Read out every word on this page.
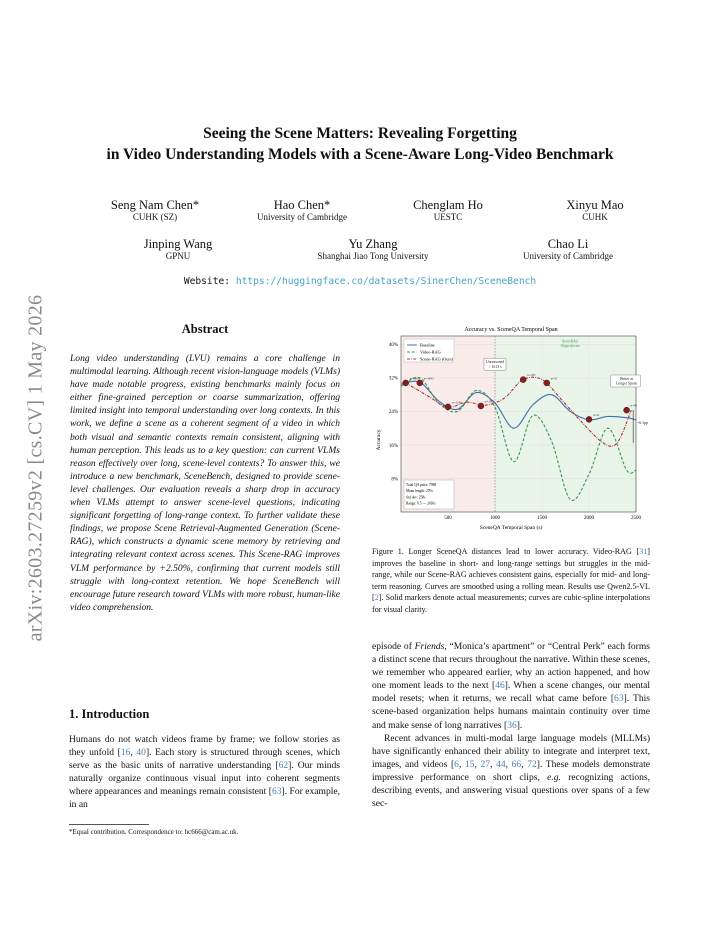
arXiv:2603.27259v2 [cs.CV] 1 May 2026
Seeing the Scene Matters: Revealing Forgetting
in Video Understanding Models with a Scene-Aware Long-Video Benchmark
Seng Nam Chen*
CUHK (SZ)
Hao Chen*
University of Cambridge
Chenglam Ho
UESTC
Xinyu Mao
CUHK
Jinping Wang
GPNU
Yu Zhang
Shanghai Jiao Tong University
Chao Li
University of Cambridge
Website: https://huggingface.co/datasets/SinerChen/SceneBench
Abstract
Long video understanding (LVU) remains a core challenge in multimodal learning. Although recent vision-language models (VLMs) have made notable progress, existing benchmarks mainly focus on either fine-grained perception or coarse summarization, offering limited insight into temporal understanding over long contexts. In this work, we define a scene as a coherent segment of a video in which both visual and semantic contexts remain consistent, aligning with human perception. This leads us to a key question: can current VLMs reason effectively over long, scene-level contexts? To answer this, we introduce a new benchmark, SceneBench, designed to provide scene-level challenges. Our evaluation reveals a sharp drop in accuracy when VLMs attempt to answer scene-level questions, indicating significant forgetting of long-range context. To further validate these findings, we propose Scene Retrieval-Augmented Generation (Scene-RAG), which constructs a dynamic scene memory by retrieving and integrating relevant context across scenes. This Scene-RAG improves VLM performance by +2.50%, confirming that current models still struggle with long-context retention. We hope SceneBench will encourage future research toward VLMs with more robust, human-like video comprehension.
1. Introduction
Humans do not watch videos frame by frame; we follow stories as they unfold [16, 40]. Each story is structured through scenes, which serve as the basic units of narrative understanding [62]. Our minds naturally organize continuous visual input into coherent segments where appearances and meanings remain consistent [63]. For example, in an
*Equal contribution. Correspondence to: hc666@cam.ac.uk.
Accuracy vs. SceneQA Temporal Span
8%
16%
24%
32%
40%
500	1000	1500	2000	2500
n=9969 n=3493
n=1149	n=1185
n=183
n=52
n=31
n=95
Baseline
Video-RAG
Scene-RAG (Ours)
Unreasoned
> 1613 s
SceneRAG
Outperforms
Better at
Longer Spans
+6.1pp
Total QA pairs: 7988
Mean length: 270s
Std dev: 258s
Range: 0.5 — 2430s
SceneQA Temporal Span (s)
Accuracy
Figure 1. Longer SceneQA distances lead to lower accuracy. Video-RAG [31] improves the baseline in short- and long-range settings but struggles in the mid-range, while our Scene-RAG achieves consistent gains, especially for mid- and long-term reasoning. Curves are smoothed using a rolling mean. Results use Qwen2.5-VL [2]. Solid markers denote actual measurements; curves are cubic-spline interpolations for visual clarity.

episode of Friends, “Monica’s apartment” or “Central Perk” each forms a distinct scene that recurs throughout the narrative. Within these scenes, we remember who appeared earlier, why an action happened, and how one moment leads to the next [46]. When a scene changes, our mental model resets; when it returns, we recall what came before [63]. This scene-based organization helps humans maintain continuity over time and make sense of long narratives [36].

Recent advances in multi-modal large language models (MLLMs) have significantly enhanced their ability to integrate and interpret text, images, and videos [6, 15, 27, 44, 66, 72]. These models demonstrate impressive performance on short clips, e.g. recognizing actions, describing events, and answering visual questions over spans of a few sec-
